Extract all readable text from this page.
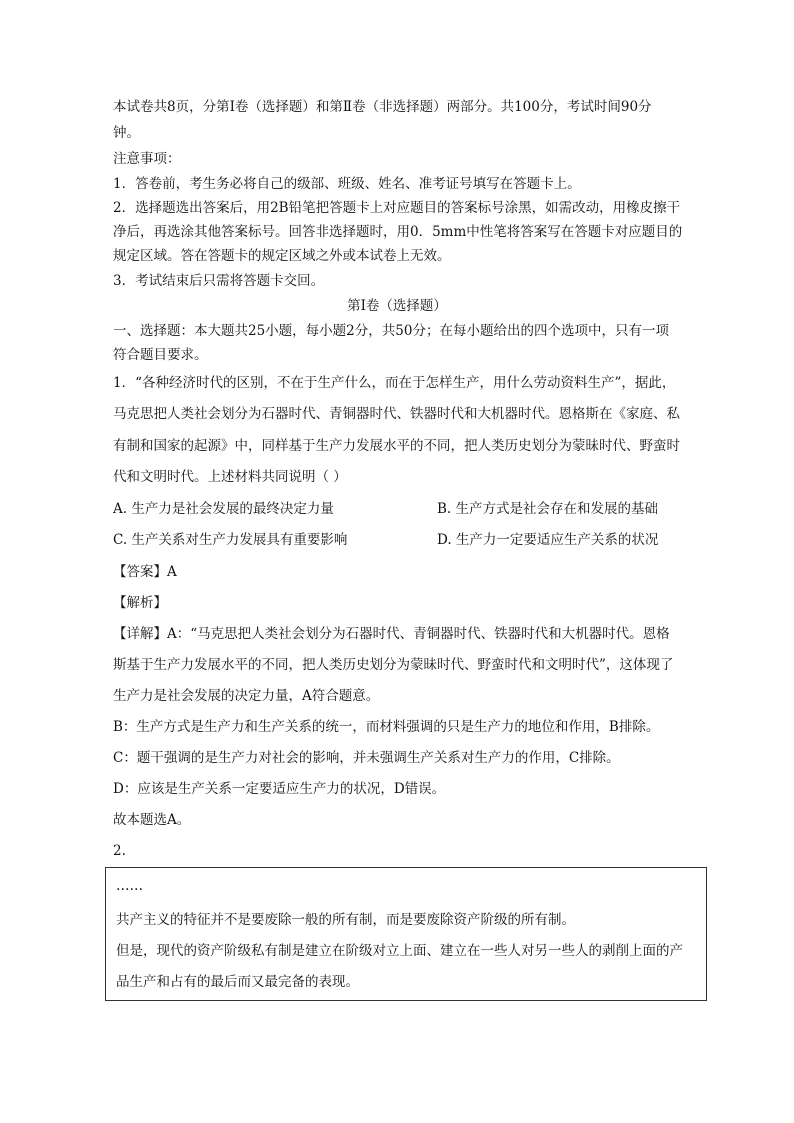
本试卷共8页，分第Ⅰ卷（选择题）和第Ⅱ卷（非选择题）两部分。共100分，考试时间90分
钟。
注意事项：
1．答卷前，考生务必将自己的级部、班级、姓名、准考证号填写在答题卡上。
2．选择题选出答案后，用2B铅笔把答题卡上对应题目的答案标号涂黑，如需改动，用橡皮擦干
净后，再选涂其他答案标号。回答非选择题时，用0．5mm中性笔将答案写在答题卡对应题目的
规定区域。答在答题卡的规定区域之外或本试卷上无效。
3．考试结束后只需将答题卡交回。
第Ⅰ卷（选择题）
一、选择题：本大题共25小题，每小题2分，共50分；在每小题给出的四个选项中，只有一项
符合题目要求。
1．“各种经济时代的区别，不在于生产什么，而在于怎样生产，用什么劳动资料生产”，据此，
马克思把人类社会划分为石器时代、青铜器时代、铁器时代和大机器时代。恩格斯在《家庭、私
有制和国家的起源》中，同样基于生产力发展水平的不同，把人类历史划分为蒙昧时代、野蛮时
代和文明时代。上述材料共同说明（ ）
A. 生产力是社会发展的最终决定力量	B. 生产方式是社会存在和发展的基础
C. 生产关系对生产力发展具有重要影响	D. 生产力一定要适应生产关系的状况
【答案】A
【解析】
【详解】A：“马克思把人类社会划分为石器时代、青铜器时代、铁器时代和大机器时代。恩格
斯基于生产力发展水平的不同，把人类历史划分为蒙昧时代、野蛮时代和文明时代”，这体现了
生产力是社会发展的决定力量，A符合题意。
B：生产方式是生产力和生产关系的统一，而材料强调的只是生产力的地位和作用，B排除。
C：题干强调的是生产力对社会的影响，并未强调生产关系对生产力的作用，C排除。
D：应该是生产关系一定要适应生产力的状况，D错误。
故本题选A。
2.
……
共产主义的特征并不是要废除一般的所有制，而是要废除资产阶级的所有制。
但是，现代的资产阶级私有制是建立在阶级对立上面、建立在一些人对另一些人的剥削上面的产
品生产和占有的最后而又最完备的表现。
